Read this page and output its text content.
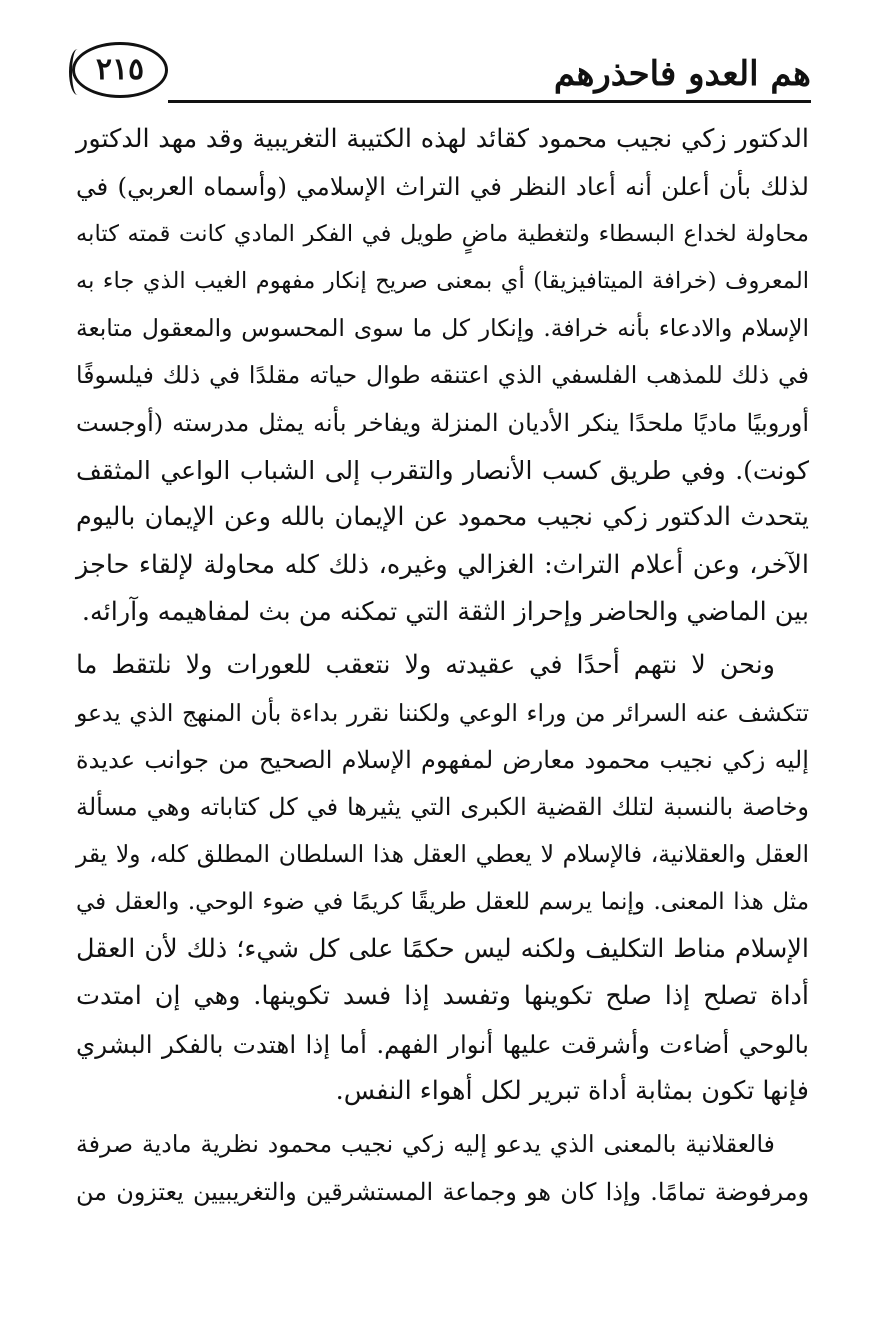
هم العدو فاحذرهم
٢١٥
الدكتور زكي نجيب محمود كقائد لهذه الكتيبة التغريبية وقد مهد الدكتور
لذلك بأن أعلن أنه أعاد النظر في التراث الإسلامي (وأسماه العربي) في
محاولة لخداع البسطاء ولتغطية ماضٍ طويل في الفكر المادي كانت قمته كتابه
المعروف (خرافة الميتافيزيقا) أي بمعنى صريح إنكار مفهوم الغيب الذي جاء به
الإسلام والادعاء بأنه خرافة. وإنكار كل ما سوى المحسوس والمعقول متابعة
في ذلك للمذهب الفلسفي الذي اعتنقه طوال حياته مقلدًا في ذلك فيلسوفًا
أوروبيًا ماديًا ملحدًا ينكر الأديان المنزلة ويفاخر بأنه يمثل مدرسته (أوجست
كونت). وفي طريق كسب الأنصار والتقرب إلى الشباب الواعي المثقف
يتحدث الدكتور زكي نجيب محمود عن الإيمان بالله وعن الإيمان باليوم
الآخر، وعن أعلام التراث: الغزالي وغيره، ذلك كله محاولة لإلقاء حاجز
بين الماضي والحاضر وإحراز الثقة التي تمكنه من بث لمفاهيمه وآرائه.
ونحن لا نتهم أحدًا في عقيدته ولا نتعقب للعورات ولا نلتقط ما
تتكشف عنه السرائر من وراء الوعي ولكننا نقرر بداءة بأن المنهج الذي يدعو
إليه زكي نجيب محمود معارض لمفهوم الإسلام الصحيح من جوانب عديدة
وخاصة بالنسبة لتلك القضية الكبرى التي يثيرها في كل كتاباته وهي مسألة
العقل والعقلانية، فالإسلام لا يعطي العقل هذا السلطان المطلق كله، ولا يقر
مثل هذا المعنى. وإنما يرسم للعقل طريقًا كريمًا في ضوء الوحي. والعقل في
الإسلام مناط التكليف ولكنه ليس حكمًا على كل شيء؛ ذلك لأن العقل
أداة تصلح إذا صلح تكوينها وتفسد إذا فسد تكوينها. وهي إن امتدت
بالوحي أضاءت وأشرقت عليها أنوار الفهم. أما إذا اهتدت بالفكر البشري
فإنها تكون بمثابة أداة تبرير لكل أهواء النفس.
فالعقلانية بالمعنى الذي يدعو إليه زكي نجيب محمود نظرية مادية صرفة
ومرفوضة تمامًا. وإذا كان هو وجماعة المستشرقين والتغريبيين يعتزون من
